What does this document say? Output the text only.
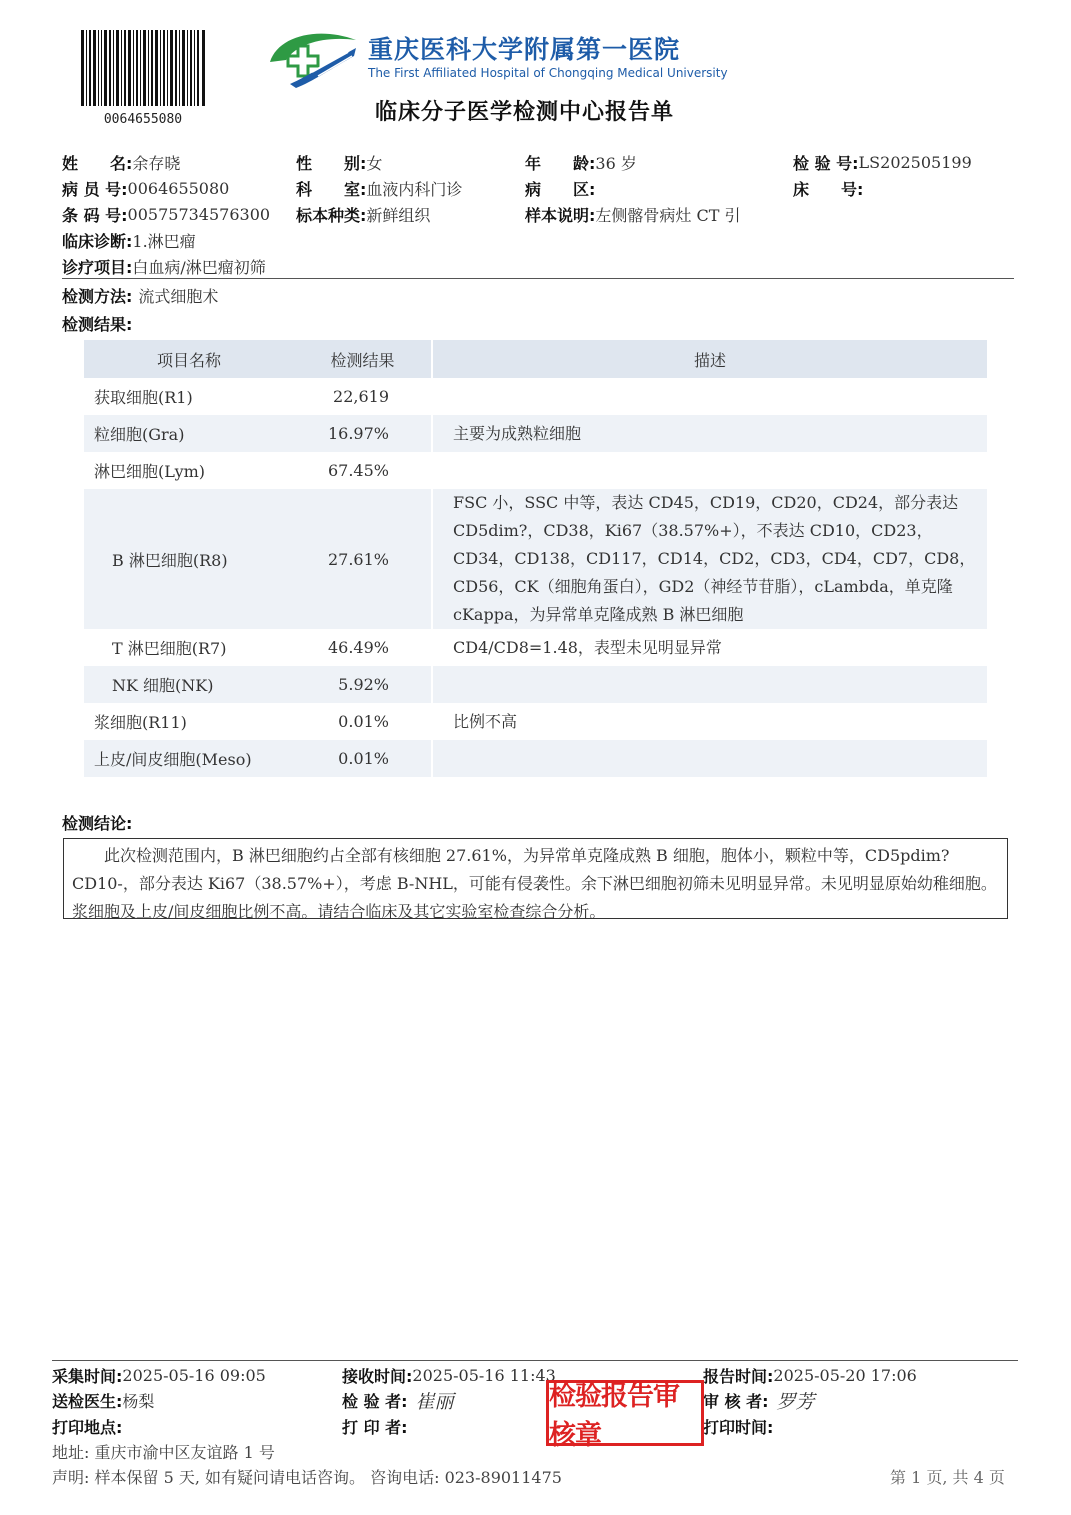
0064655080
重庆医科大学附属第一医院
The First Affiliated Hospital of Chongqing Medical University
临床分子医学检测中心报告单
姓　　名: 余存晓	性　　别: 女	年　　龄: 36 岁	检 验 号: LS202505199
病 员 号: 0064655080	科　　室: 血液内科门诊	病　　区:	床　　号:
条 码 号: 00575734576300 标本种类: 新鲜组织	样本说明: 左侧髂骨病灶 CT 引
临床诊断: 1.淋巴瘤
诊疗项目: 白血病/淋巴瘤初筛
检测方法: 流式细胞术
检测结果:
项目名称	检测结果	描述
获取细胞(R1)	22,619	
粒细胞(Gra)	16.97%	主要为成熟粒细胞
淋巴细胞(Lym)	67.45%	
B 淋巴细胞(R8)	27.61%	FSC 小，SSC 中等，表达 CD45，CD19，CD20，CD24，部分表达 CD5dim?，CD38，Ki67（38.57%+），不表达 CD10，CD23，CD34，CD138，CD117，CD14，CD2，CD3，CD4，CD7，CD8，CD56，CK（细胞角蛋白），GD2（神经节苷脂），cLambda，单克隆 cKappa，为异常单克隆成熟 B 淋巴细胞
T 淋巴细胞(R7)	46.49%	CD4/CD8=1.48，表型未见明显异常
NK 细胞(NK)	5.92%	
浆细胞(R11)	0.01%	比例不高
上皮/间皮细胞(Meso)	0.01%	
检测结论:
　　此次检测范围内，B 淋巴细胞约占全部有核细胞 27.61%，为异常单克隆成熟 B 细胞，胞体小，颗粒中等，CD5pdim? CD10-，部分表达 Ki67（38.57%+），考虑 B-NHL，可能有侵袭性。余下淋巴细胞初筛未见明显异常。未见明显原始幼稚细胞。浆细胞及上皮/间皮细胞比例不高。请结合临床及其它实验室检查综合分析。
采集时间: 2025-05-16 09:05	接收时间: 2025-05-16 11:43	报告时间: 2025-05-20 17:06
送检医生: 杨梨	检 验 者: 崔丽	审 核 者: 罗芳
打印地点:	打 印 者:	打印时间:
检验报告审核章
地址: 重庆市渝中区友谊路 1 号
声明: 样本保留 5 天, 如有疑问请电话咨询。 咨询电话: 023-89011475	第 1 页, 共 4 页
